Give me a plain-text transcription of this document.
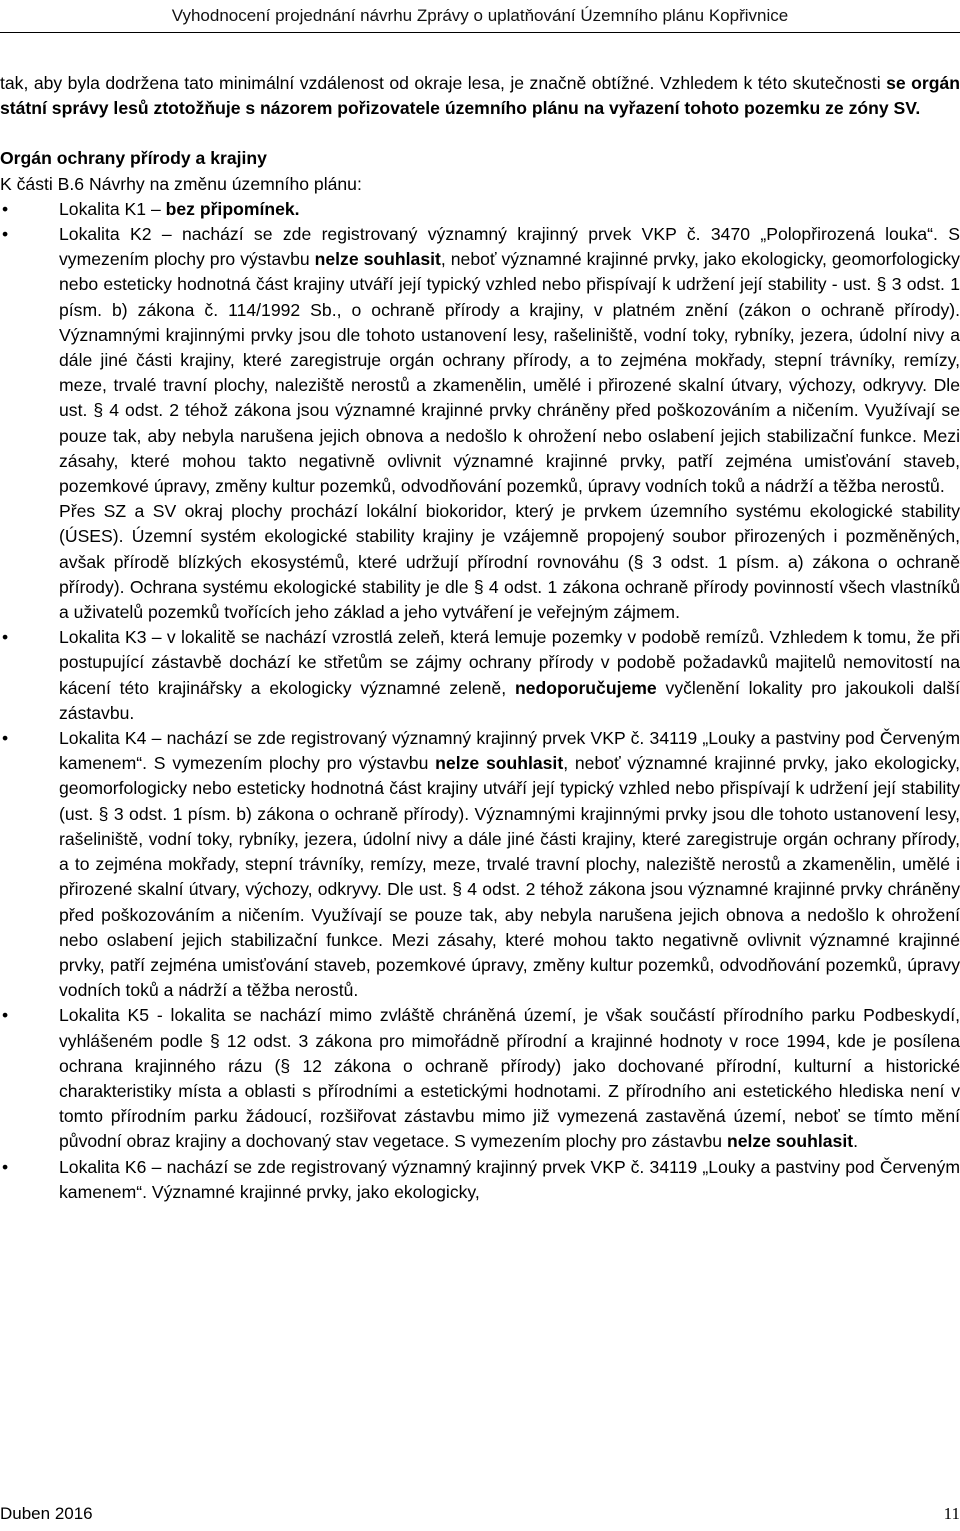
Vyhodnocení projednání návrhu Zprávy o uplatňování Územního plánu Kopřivnice

tak, aby byla dodržena tato minimální vzdálenost od okraje lesa, je značně obtížné. Vzhledem k této skutečnosti se orgán státní správy lesů ztotožňuje s názorem pořizovatele územního plánu na vyřazení tohoto pozemku ze zóny SV.

Orgán ochrany přírody a krajiny

K části B.6 Návrhy na změnu územního plánu:

•	Lokalita K1 – bez připomínek.
•	Lokalita K2 – nachází se zde registrovaný významný krajinný prvek VKP č. 3470 „Polopřirozená louka“. S vymezením plochy pro výstavbu nelze souhlasit, neboť významné krajinné prvky, jako ekologicky, geomorfologicky nebo esteticky hodnotná část krajiny utváří její typický vzhled nebo přispívají k udržení její stability - ust. § 3 odst. 1 písm. b) zákona č. 114/1992 Sb., o ochraně přírody a krajiny, v platném znění (zákon o ochraně přírody). Významnými krajinnými prvky jsou dle tohoto ustanovení lesy, rašeliniště, vodní toky, rybníky, jezera, údolní nivy a dále jiné části krajiny, které zaregistruje orgán ochrany přírody, a to zejména mokřady, stepní trávníky, remízy, meze, trvalé travní plochy, naleziště nerostů a zkamenělin, umělé i přirozené skalní útvary, výchozy, odkryvy. Dle ust. § 4 odst. 2 téhož zákona jsou významné krajinné prvky chráněny před poškozováním a ničením. Využívají se pouze tak, aby nebyla narušena jejich obnova a nedošlo k ohrožení nebo oslabení jejich stabilizační funkce. Mezi zásahy, které mohou takto negativně ovlivnit významné krajinné prvky, patří zejména umisťování staveb, pozemkové úpravy, změny kultur pozemků, odvodňování pozemků, úpravy vodních toků a nádrží a těžba nerostů.

Přes SZ a SV okraj plochy prochází lokální biokoridor, který je prvkem územního systému ekologické stability (ÚSES). Územní systém ekologické stability krajiny je vzájemně propojený soubor přirozených i pozměněných, avšak přírodě blízkých ekosystémů, které udržují přírodní rovnováhu (§ 3 odst. 1 písm. a) zákona o ochraně přírody). Ochrana systému ekologické stability je dle § 4 odst. 1 zákona ochraně přírody povinností všech vlastníků a uživatelů pozemků tvořících jeho základ a jeho vytváření je veřejným zájmem.

•	Lokalita K3 – v lokalitě se nachází vzrostlá zeleň, která lemuje pozemky v podobě remízů. Vzhledem k tomu, že při postupující zástavbě dochází ke střetům se zájmy ochrany přírody v podobě požadavků majitelů nemovitostí na kácení této krajinářsky a ekologicky významné zeleně, nedoporučujeme vyčlenění lokality pro jakoukoli další zástavbu.
•	Lokalita K4 – nachází se zde registrovaný významný krajinný prvek VKP č. 34119 „Louky a pastviny pod Červeným kamenem“. S vymezením plochy pro výstavbu nelze souhlasit, neboť významné krajinné prvky, jako ekologicky, geomorfologicky nebo esteticky hodnotná část krajiny utváří její typický vzhled nebo přispívají k udržení její stability (ust. § 3 odst. 1 písm. b) zákona o ochraně přírody). Významnými krajinnými prvky jsou dle tohoto ustanovení lesy, rašeliniště, vodní toky, rybníky, jezera, údolní nivy a dále jiné části krajiny, které zaregistruje orgán ochrany přírody, a to zejména mokřady, stepní trávníky, remízy, meze, trvalé travní plochy, naleziště nerostů a zkamenělin, umělé i přirozené skalní útvary, výchozy, odkryvy. Dle ust. § 4 odst. 2 téhož zákona jsou významné krajinné prvky chráněny před poškozováním a ničením. Využívají se pouze tak, aby nebyla narušena jejich obnova a nedošlo k ohrožení nebo oslabení jejich stabilizační funkce. Mezi zásahy, které mohou takto negativně ovlivnit významné krajinné prvky, patří zejména umisťování staveb, pozemkové úpravy, změny kultur pozemků, odvodňování pozemků, úpravy vodních toků a nádrží a těžba nerostů.
•	Lokalita K5 - lokalita se nachází mimo zvláště chráněná území, je však součástí přírodního parku Podbeskydí, vyhlášeném podle § 12 odst. 3 zákona pro mimořádně přírodní a krajinné hodnoty v roce 1994, kde je posílena ochrana krajinného rázu (§ 12 zákona o ochraně přírody) jako dochované přírodní, kulturní a historické charakteristiky místa a oblasti s přírodními a estetickými hodnotami. Z přírodního ani estetického hlediska není v tomto přírodním parku žádoucí, rozšiřovat zástavbu mimo již vymezená zastavěná území, neboť se tímto mění původní obraz krajiny a dochovaný stav vegetace. S vymezením plochy pro zástavbu nelze souhlasit.
•	Lokalita K6 – nachází se zde registrovaný významný krajinný prvek VKP č. 34119 „Louky a pastviny pod Červeným kamenem“. Významné krajinné prvky, jako ekologicky,
Duben 2016	11
